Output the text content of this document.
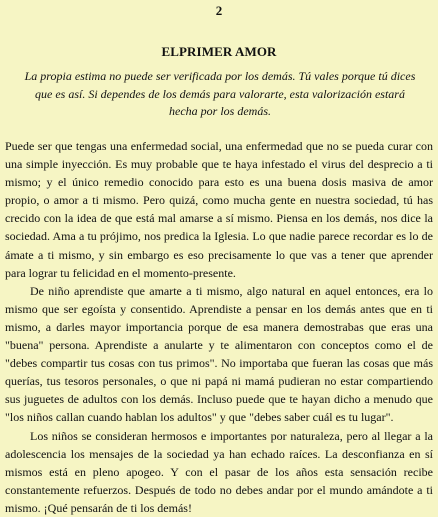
2
ELPRIMER AMOR
La propia estima no puede ser verificada por los demás. Tú vales porque tú dices que es así. Si dependes de los demás para valorarte, esta valorización estará hecha por los demás.

Puede ser que tengas una enfermedad social, una enfermedad que no se pueda curar con una simple inyección. Es muy probable que te haya infestado el virus del desprecio a ti mismo; y el único remedio conocido para esto es una buena dosis masiva de amor propio, o amor a ti mismo. Pero quizá, como mucha gente en nuestra sociedad, tú has crecido con la idea de que está mal amarse a sí mismo. Piensa en los demás, nos dice la sociedad. Ama a tu prójimo, nos predica la Iglesia. Lo que nadie parece recordar es lo de ámate a ti mismo, y sin embargo es eso precisamente lo que vas a tener que aprender para lograr tu felicidad en el momento-presente.

De niño aprendiste que amarte a ti mismo, algo natural en aquel entonces, era lo mismo que ser egoísta y consentido. Aprendiste a pensar en los demás antes que en ti mismo, a darles mayor importancia porque de esa manera demostrabas que eras una "buena" persona. Aprendiste a anularte y te alimentaron con conceptos como el de "debes compartir tus cosas con tus primos". No importaba que fueran las cosas que más querías, tus tesoros personales, o que ni papá ni mamá pudieran no estar compartiendo sus juguetes de adultos con los demás. Incluso puede que te hayan dicho a menudo que "los niños callan cuando hablan los adultos" y que "debes saber cuál es tu lugar".

Los niños se consideran hermosos e importantes por naturaleza, pero al llegar a la adolescencia los mensajes de la sociedad ya han echado raíces. La desconfianza en sí mismos está en pleno apogeo. Y con el pasar de los años esta sensación recibe constantemente refuerzos. Después de todo no debes andar por el mundo amándote a ti mismo. ¡Qué pensarán de ti los demás!
